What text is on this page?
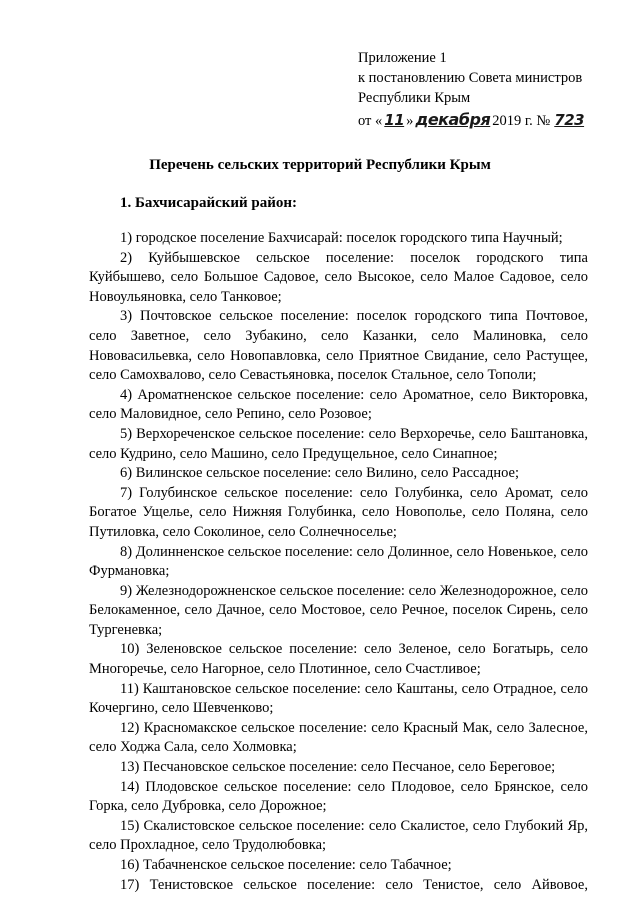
Приложение 1
к постановлению Совета министров
Республики Крым
от « 11 » декабря 2019 г. № 723
Перечень сельских территорий Республики Крым
1. Бахчисарайский район:

1) городское поселение Бахчисарай: поселок городского типа Научный;

2) Куйбышевское сельское поселение: поселок городского типа Куйбышево, село Большое Садовое, село Высокое, село Малое Садовое, село Новоульяновка, село Танковое;

3) Почтовское сельское поселение: поселок городского типа Почтовое, село Заветное, село Зубакино, село Казанки, село Малиновка, село Нововасильевка, село Новопавловка, село Приятное Свидание, село Растущее, село Самохвалово, село Севастьяновка, поселок Стальное, село Тополи;

4) Ароматненское сельское поселение: село Ароматное, село Викторовка, село Маловидное, село Репино, село Розовое;

5) Верхореченское сельское поселение: село Верхоречье, село Баштановка, село Кудрино, село Машино, село Предущельное, село Синапное;

6) Вилинское сельское поселение: село Вилино, село Рассадное;

7) Голубинское сельское поселение: село Голубинка, село Аромат, село Богатое Ущелье, село Нижняя Голубинка, село Новополье, село Поляна, село Путиловка, село Соколиное, село Солнечноселье;

8) Долинненское сельское поселение: село Долинное, село Новенькое, село Фурмановка;

9) Железнодорожненское сельское поселение: село Железнодорожное, село Белокаменное, село Дачное, село Мостовое, село Речное, поселок Сирень, село Тургеневка;

10) Зеленовское сельское поселение: село Зеленое, село Богатырь, село Многоречье, село Нагорное, село Плотинное, село Счастливое;

11) Каштановское сельское поселение: село Каштаны, село Отрадное, село Кочергино, село Шевченково;

12) Красномакское сельское поселение: село Красный Мак, село Залесное, село Ходжа Сала, село Холмовка;

13) Песчановское сельское поселение: село Песчаное, село Береговое;

14) Плодовское сельское поселение: село Плодовое, село Брянское, село Горка, село Дубровка, село Дорожное;

15) Скалистовское сельское поселение: село Скалистое, село Глубокий Яр, село Прохладное, село Трудолюбовка;

16) Табачненское сельское поселение: село Табачное;

17) Тенистовское сельское поселение: село Тенистое, село Айвовое,
